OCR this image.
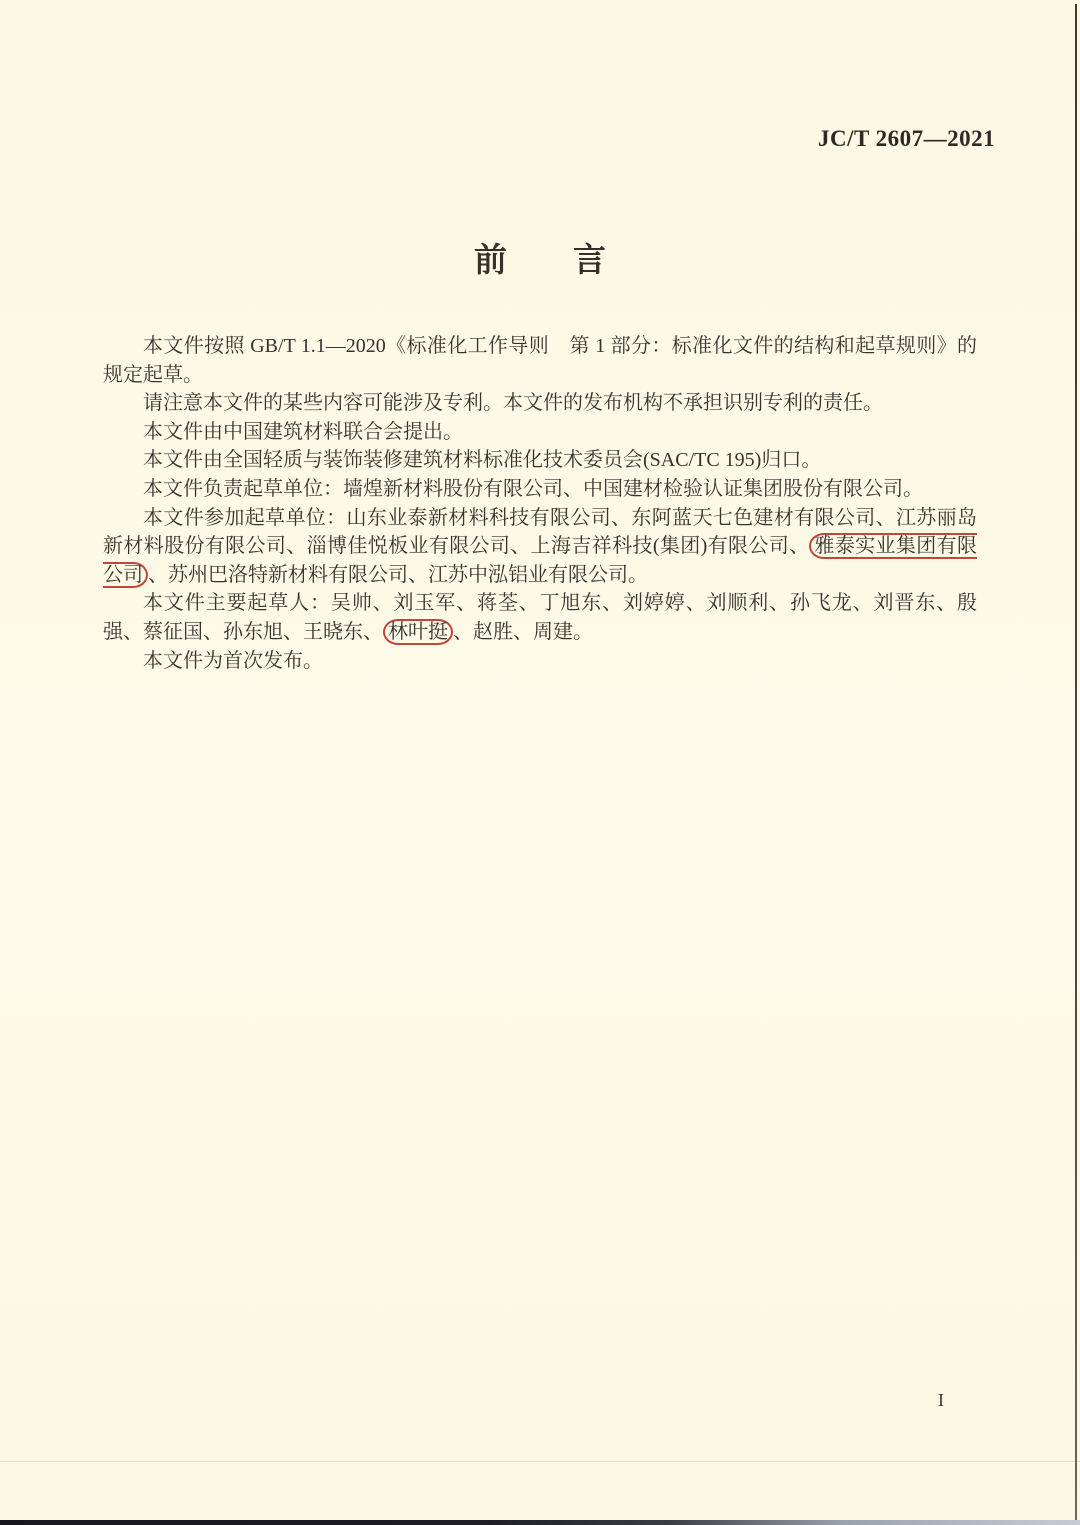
JC/T 2607—2021
前　　言

本文件按照 GB/T 1.1—2020《标准化工作导则　第 1 部分：标准化文件的结构和起草规则》的规定起草。

请注意本文件的某些内容可能涉及专利。本文件的发布机构不承担识别专利的责任。

本文件由中国建筑材料联合会提出。

本文件由全国轻质与装饰装修建筑材料标准化技术委员会(SAC/TC 195)归口。

本文件负责起草单位：墙煌新材料股份有限公司、中国建材检验认证集团股份有限公司。

本文件参加起草单位：山东业泰新材料科技有限公司、东阿蓝天七色建材有限公司、江苏丽岛新材料股份有限公司、淄博佳悦板业有限公司、上海吉祥科技(集团)有限公司、 雅泰实业集团有限公司 、苏州巴洛特新材料有限公司、江苏中泓铝业有限公司。

本文件主要起草人：吴帅、刘玉军、蒋荃、丁旭东、刘婷婷、刘顺利、孙飞龙、刘晋东、殷强、蔡征国、孙东旭、王晓东、 林叶挺 、赵胜、周建。

本文件为首次发布。

I
